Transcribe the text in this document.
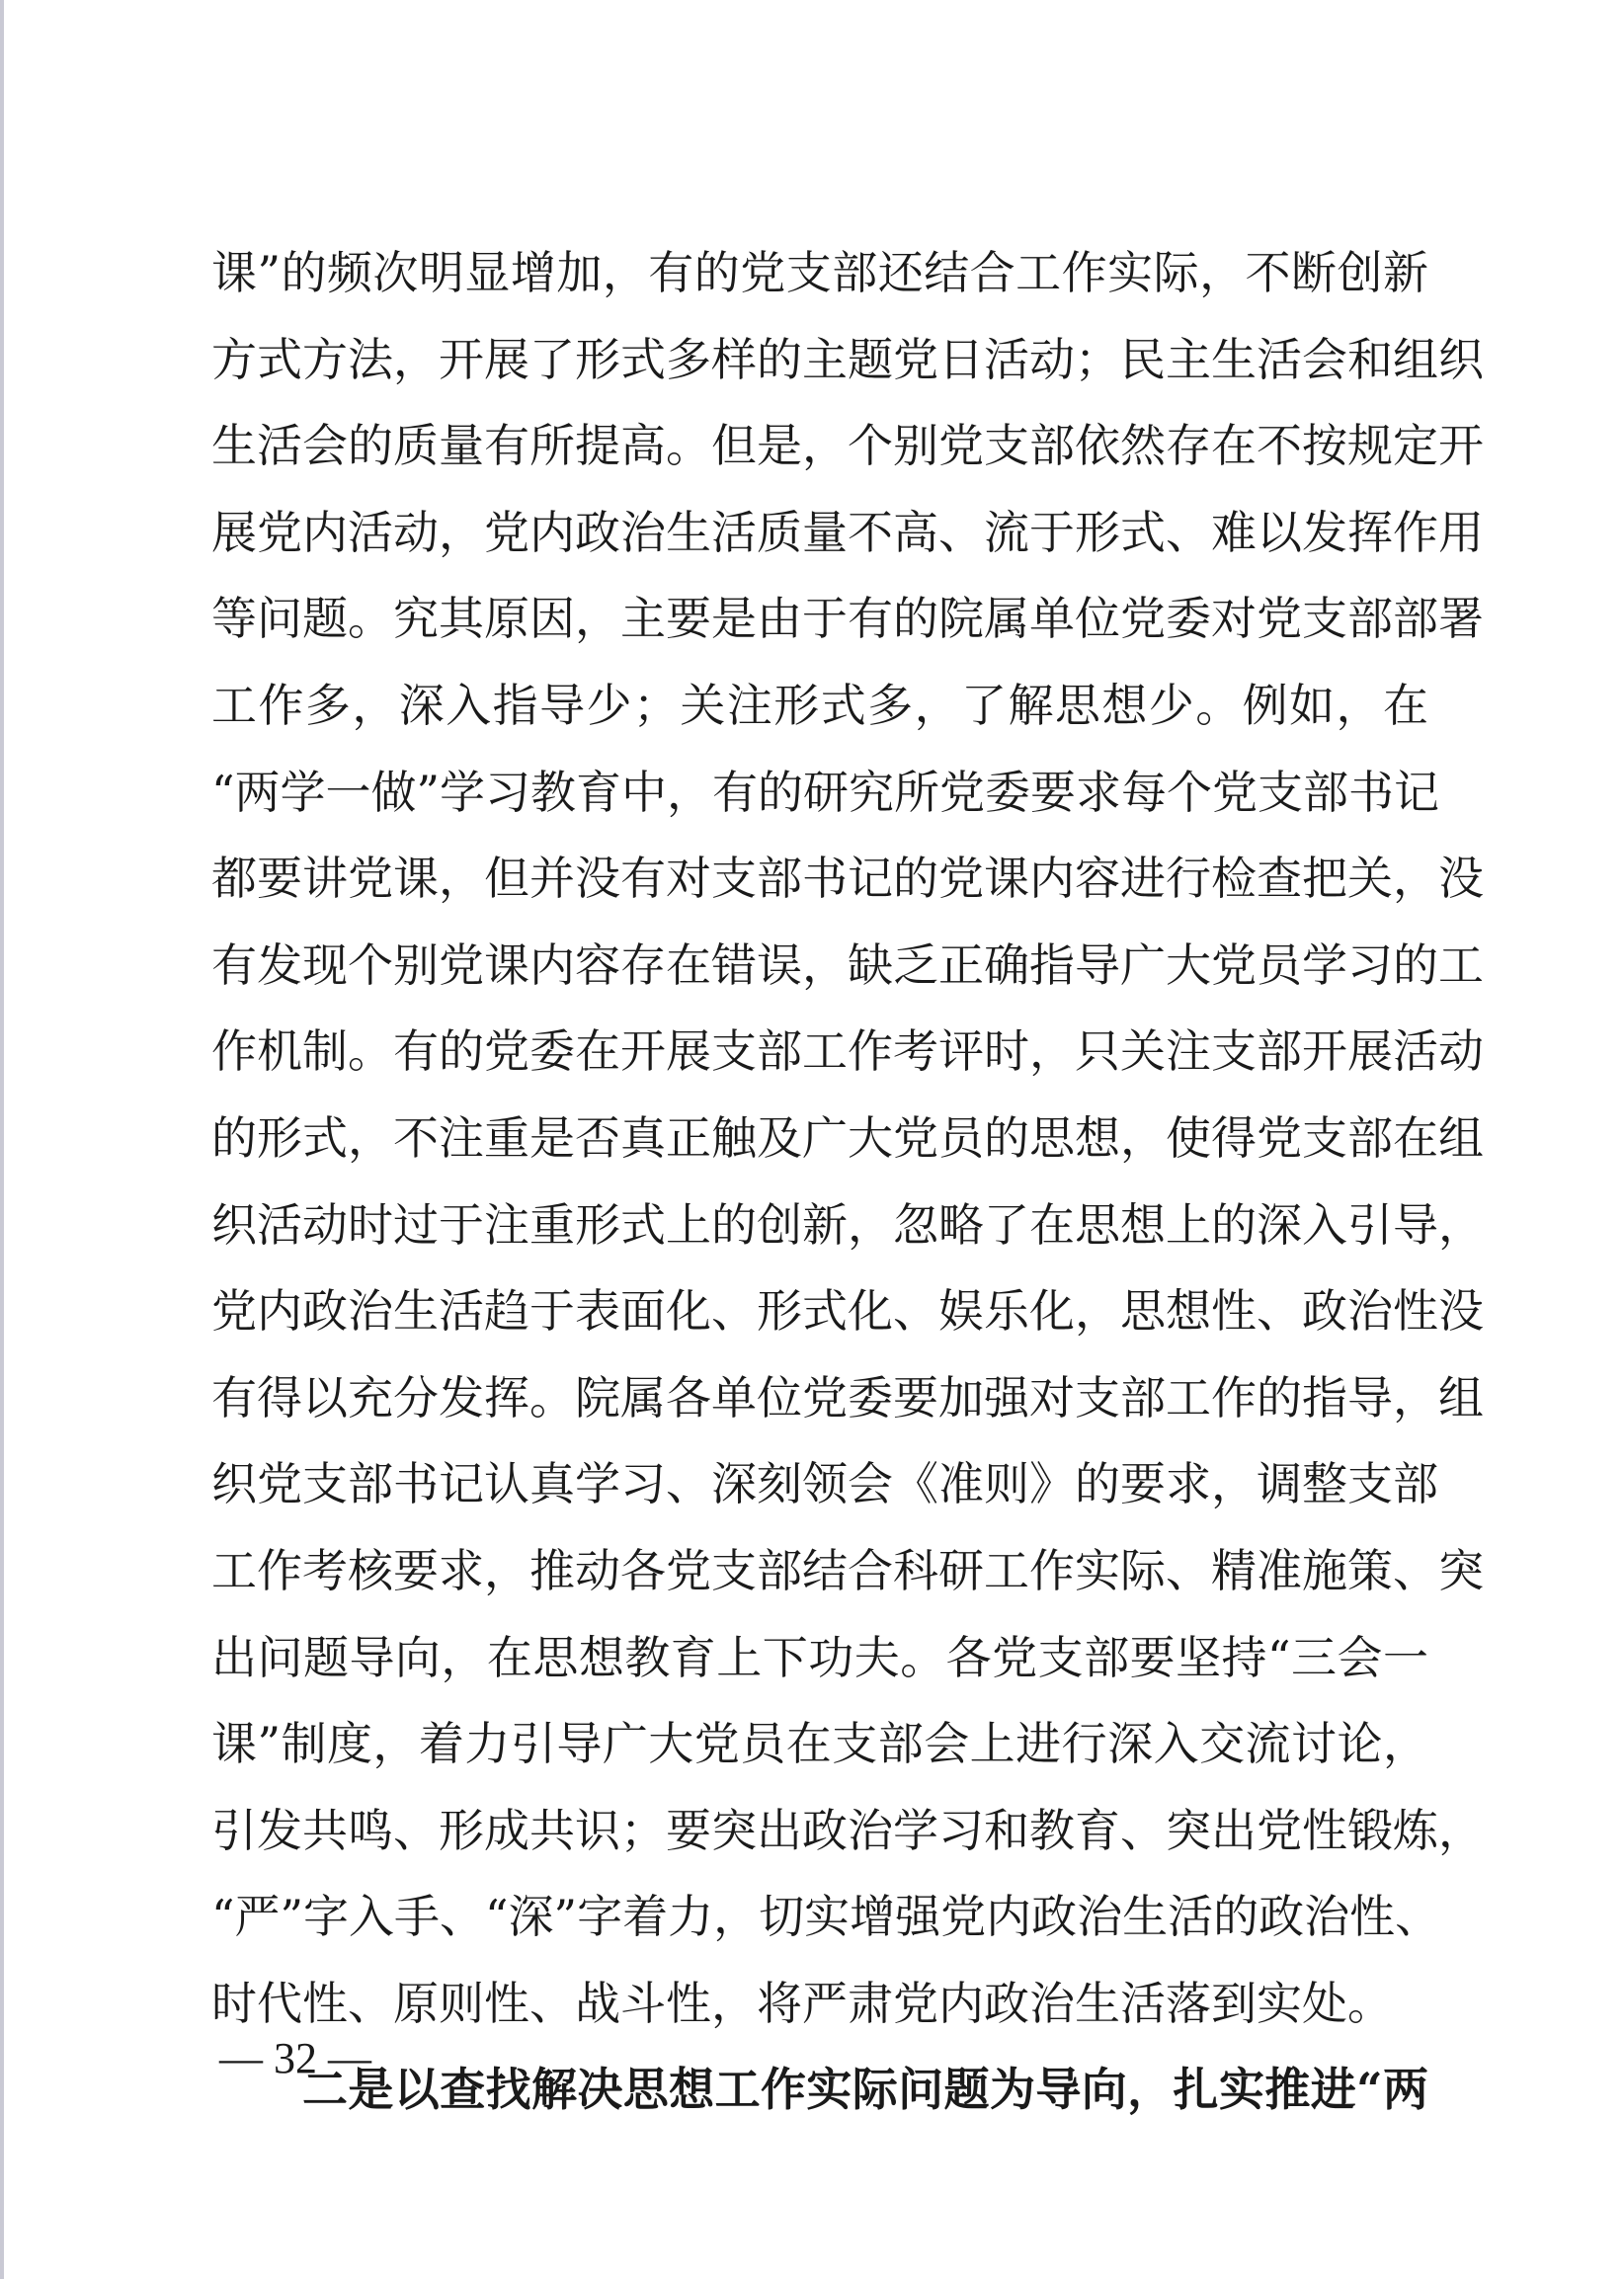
课”的频次明显增加，有的党支部还结合工作实际，不断创新
方式方法，开展了形式多样的主题党日活动；民主生活会和组织
生活会的质量有所提高。但是，个别党支部依然存在不按规定开
展党内活动，党内政治生活质量不高、流于形式、难以发挥作用
等问题。究其原因，主要是由于有的院属单位党委对党支部部署
工作多，深入指导少；关注形式多，了解思想少。例如，在
“两学一做”学习教育中，有的研究所党委要求每个党支部书记
都要讲党课，但并没有对支部书记的党课内容进行检查把关，没
有发现个别党课内容存在错误，缺乏正确指导广大党员学习的工
作机制。有的党委在开展支部工作考评时，只关注支部开展活动
的形式，不注重是否真正触及广大党员的思想，使得党支部在组
织活动时过于注重形式上的创新，忽略了在思想上的深入引导，
党内政治生活趋于表面化、形式化、娱乐化，思想性、政治性没
有得以充分发挥。院属各单位党委要加强对支部工作的指导，组
织党支部书记认真学习、深刻领会《准则》的要求，调整支部
工作考核要求，推动各党支部结合科研工作实际、精准施策、突
出问题导向，在思想教育上下功夫。各党支部要坚持“三会一
课”制度，着力引导广大党员在支部会上进行深入交流讨论，
引发共鸣、形成共识；要突出政治学习和教育、突出党性锻炼，
“严”字入手、“深”字着力，切实增强党内政治生活的政治性、
时代性、原则性、战斗性，将严肃党内政治生活落到实处。
二是以查找解决思想工作实际问题为导向，扎实推进“两
— 32 —
